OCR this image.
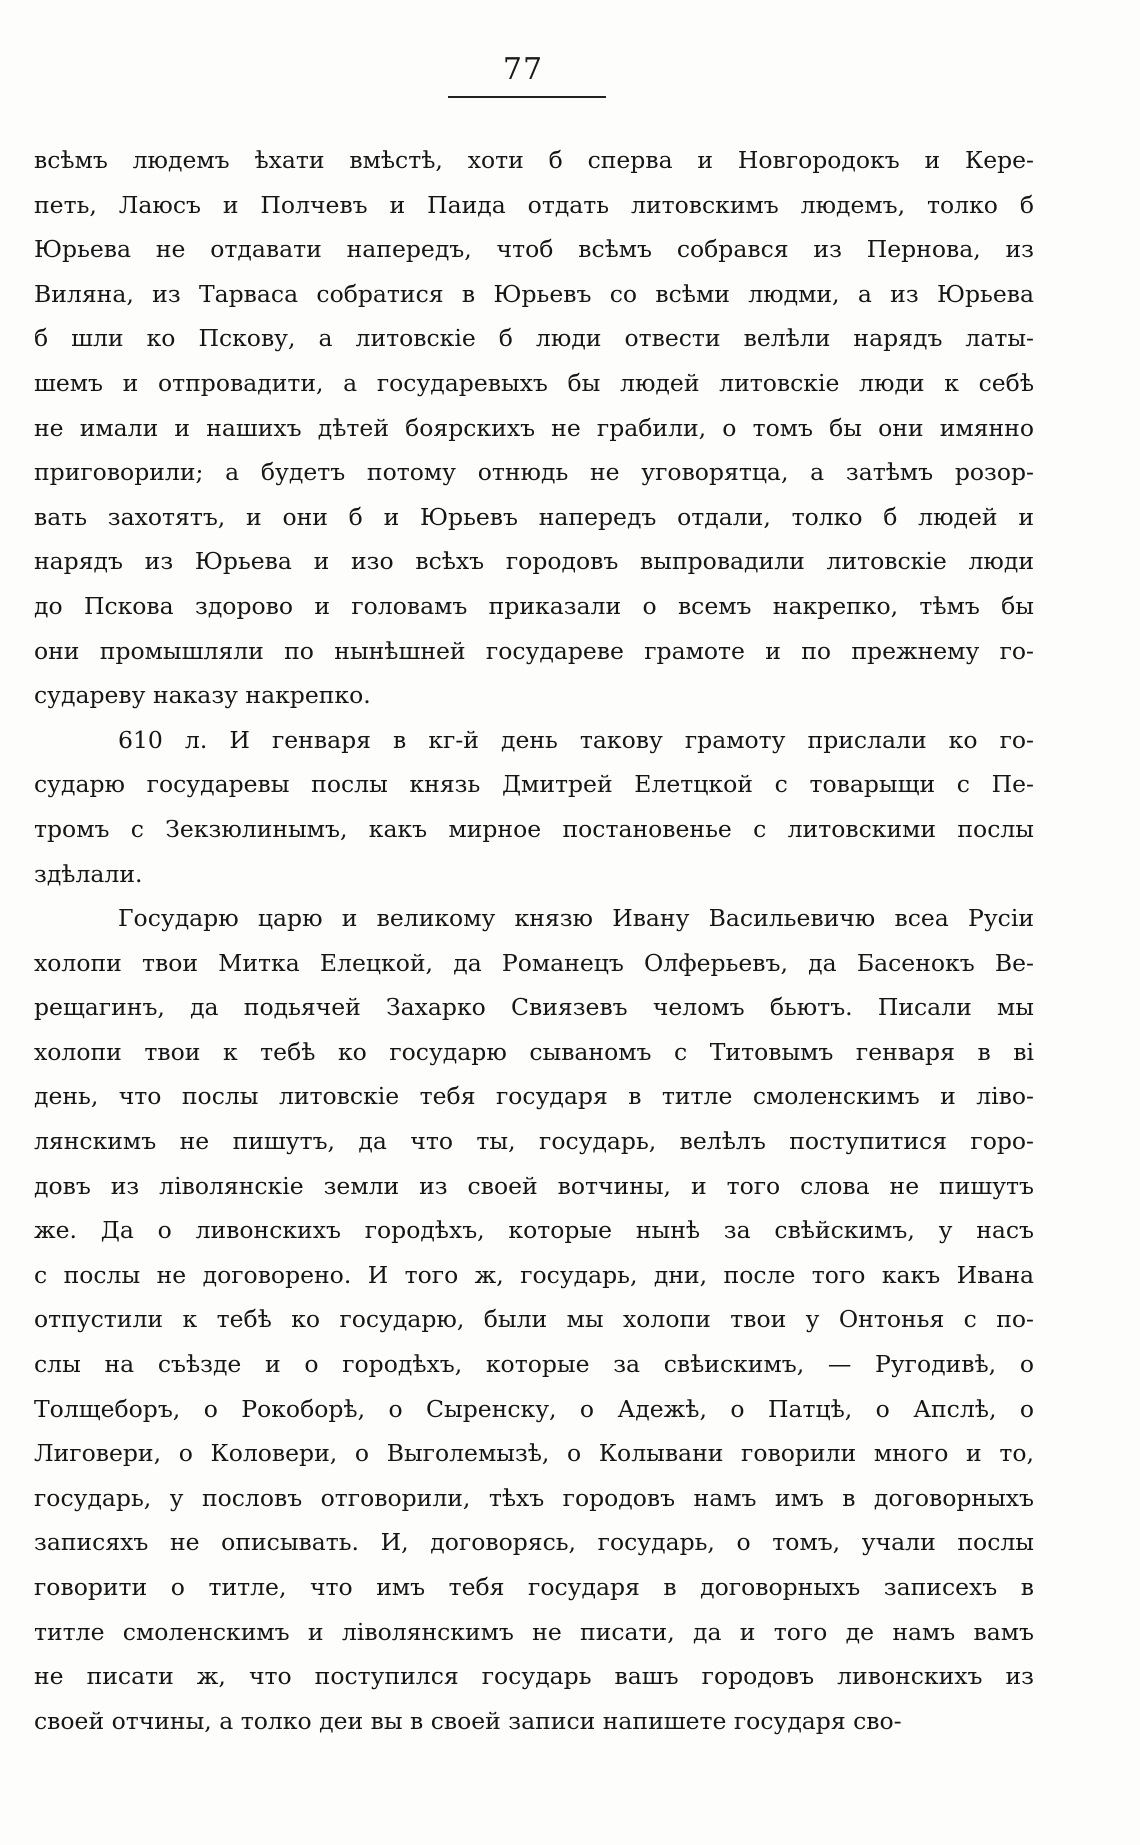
77
всѣмъ людемъ ѣхати вмѣстѣ, хоти б сперва и Новгородокъ и Кере-
петь, Лаюсъ и Полчевъ и Паида отдать литовскимъ людемъ, толко б
Юрьева не отдавати напередъ, чтоб всѣмъ собрався из Пернова, из
Виляна, из Тарваса собратися в Юрьевъ со всѣми людми, а из Юрьева
б шли ко Пскову, а литовскіе б люди отвести велѣли нарядъ латы-
шемъ и отпровадити, а государевыхъ бы людей литовскіе люди к себѣ
не имали и нашихъ дѣтей боярскихъ не грабили, о томъ бы они имянно
приговорили; а будетъ потому отнюдь не уговорятца, а затѣмъ розор-
вать захотятъ, и они б и Юрьевъ напередъ отдали, толко б людей и
нарядъ из Юрьева и изо всѣхъ городовъ выпровадили литовскіе люди
до Пскова здорово и головамъ приказали о всемъ накрепко, тѣмъ бы
они промышляли по нынѣшней государеве грамоте и по прежнему го-
судареву наказу накрепко.
610 л. И генваря в кг-й день такову грамоту прислали ко го-
сударю государевы послы князь Дмитрей Елетцкой с товарыщи с Пе-
тромъ с Зекзюлинымъ, какъ мирное постановенье с литовскими послы
здѣлали.
Государю царю и великому князю Ивану Васильевичю всеа Русіи
холопи твои Митка Елецкой, да Романецъ Олферьевъ, да Басенокъ Ве-
рещагинъ, да подьячей Захарко Свиязевъ челомъ бьютъ. Писали мы
холопи твои к тебѣ ко государю сываномъ с Титовымъ генваря в ві
день, что послы литовскіе тебя государя в титле смоленскимъ и ліво-
лянскимъ не пишутъ, да что ты, государь, велѣлъ поступитися горо-
довъ из ліволянскіе земли из своей вотчины, и того слова не пишутъ
же. Да о ливонскихъ городѣхъ, которые нынѣ за свѣйскимъ, у насъ
с послы не договорено. И того ж, государь, дни, после того какъ Ивана
отпустили к тебѣ ко государю, были мы холопи твои у Онтонья с по-
слы на съѣзде и о городѣхъ, которые за свѣискимъ, — Ругодивѣ, о
Толщеборъ, о Рокоборѣ, о Сыренску, о Адежѣ, о Патцѣ, о Апслѣ, о
Лиговери, о Коловери, о Выголемызѣ, о Колывани говорили много и то,
государь, у пословъ отговорили, тѣхъ городовъ намъ имъ в договорныхъ
записяхъ не описывать. И, договорясь, государь, о томъ, учали послы
говорити о титле, что имъ тебя государя в договорныхъ записехъ в
титле смоленскимъ и ліволянскимъ не писати, да и того де намъ вамъ
не писати ж, что поступился государь вашъ городовъ ливонскихъ из
своей отчины, а толко деи вы в своей записи напишете государя сво-
